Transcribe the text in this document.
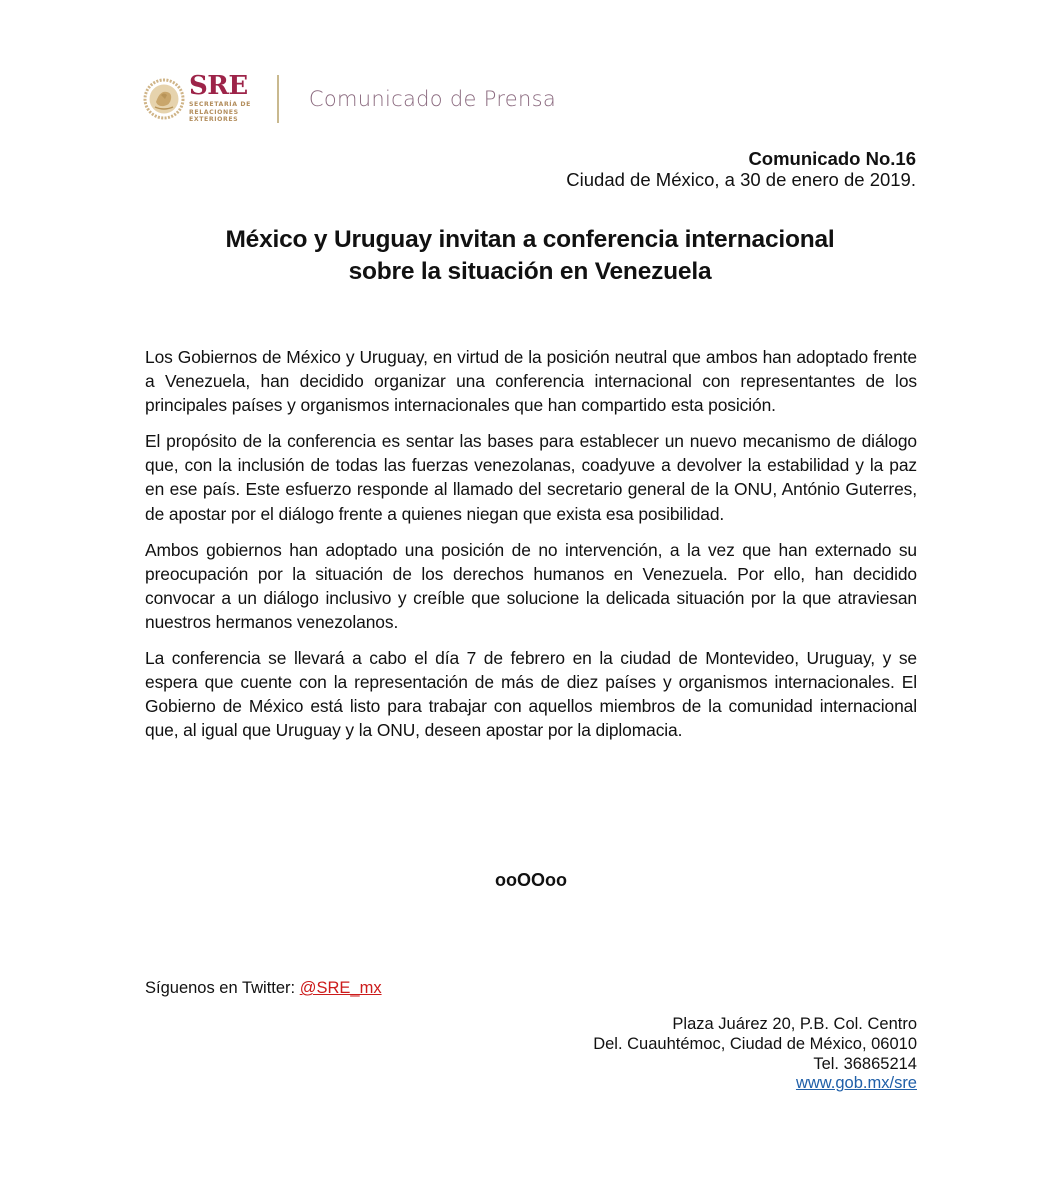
SRE
SECRETARÍA DE
RELACIONES
EXTERIORES
Comunicado de Prensa
Comunicado No.16
Ciudad de México, a 30 de enero de 2019.
México y Uruguay invitan a conferencia internacional
sobre la situación en Venezuela

Los Gobiernos de México y Uruguay, en virtud de la posición neutral que ambos han adoptado frente a Venezuela, han decidido organizar una conferencia internacional con representantes de los principales países y organismos internacionales que han compartido esta posición.

El propósito de la conferencia es sentar las bases para establecer un nuevo mecanismo de diálogo que, con la inclusión de todas las fuerzas venezolanas, coadyuve a devolver la estabilidad y la paz en ese país. Este esfuerzo responde al llamado del secretario general de la ONU, António Guterres, de apostar por el diálogo frente a quienes niegan que exista esa posibilidad.

Ambos gobiernos han adoptado una posición de no intervención, a la vez que han externado su preocupación por la situación de los derechos humanos en Venezuela. Por ello, han decidido convocar a un diálogo inclusivo y creíble que solucione la delicada situación por la que atraviesan nuestros hermanos venezolanos.

La conferencia se llevará a cabo el día 7 de febrero en la ciudad de Montevideo, Uruguay, y se espera que cuente con la representación de más de diez países y organismos internacionales. El Gobierno de México está listo para trabajar con aquellos miembros de la comunidad internacional que, al igual que Uruguay y la ONU, deseen apostar por la diplomacia.

ooOOoo
Síguenos en Twitter: @SRE_mx
Plaza Juárez 20, P.B. Col. Centro
Del. Cuauhtémoc, Ciudad de México, 06010
Tel. 36865214
www.gob.mx/sre
